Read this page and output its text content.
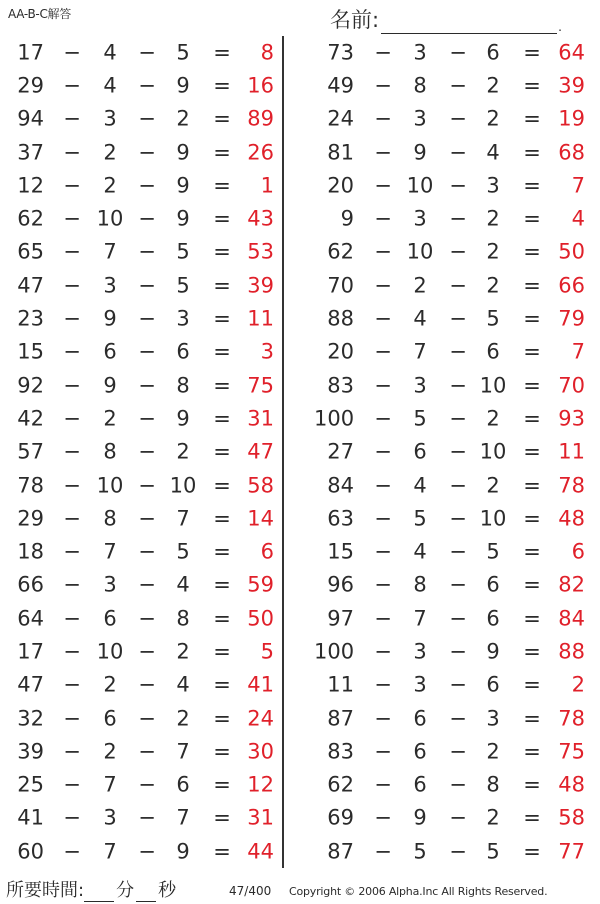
AA-B-C解答	名前:	.
17 −	4	− 5	=	8
29 −	4	− 9	= 16
94 −	3	− 2	= 89
37 −	2	− 9	= 26
12 −	2	− 9	=	1
62 − 10 − 9	= 43
65 −	7	− 5	= 53
47 −	3	− 5	= 39
23 −	9	− 3	= 11
15 −	6	− 6	=	3
92 −	9	− 8	= 75
42 −	2	− 9	= 31
57 −	8	− 2	= 47
78 − 10 − 10 = 58
29 −	8	− 7	= 14
18 −	7	− 5	=	6
66 −	3	− 4	= 59
64 −	6	− 8	= 50
17 − 10 − 2	=	5
47 −	2	− 4	= 41
32 −	6	− 2	= 24
39 −	2	− 7	= 30
25 −	7	− 6	= 12
41 −	3	− 7	= 31
60 −	7	− 9	= 44
73 −	3	− 6	= 64
49 −	8	− 2	= 39
24 −	3	− 2	= 19
81 −	9	− 4	= 68
20 − 10 − 3	=	7
9 −	3	− 2	=	4
62 − 10 − 2	= 50
70 −	2	− 2	= 66
88 −	4	− 5	= 79
20 −	7	− 6	=	7
83 −	3	− 10 = 70
100 −	5	− 2	= 93
27 −	6	− 10 = 11
84 −	4	− 2	= 78
63 −	5	− 10 = 48
15 −	4	− 5	=	6
96 −	8	− 6	= 82
97 −	7	− 6	= 84
100 −	3	− 9	= 88
11 −	3	− 6	=	2
87 −	6	− 3	= 78
83 −	6	− 2	= 75
62 −	6	− 8	= 48
69 −	9	− 2	= 58
87 −	5	− 5	= 77
所要時間: 分 秒	47/400 Copyright © 2006 Alpha.Inc All Rights Reserved.
